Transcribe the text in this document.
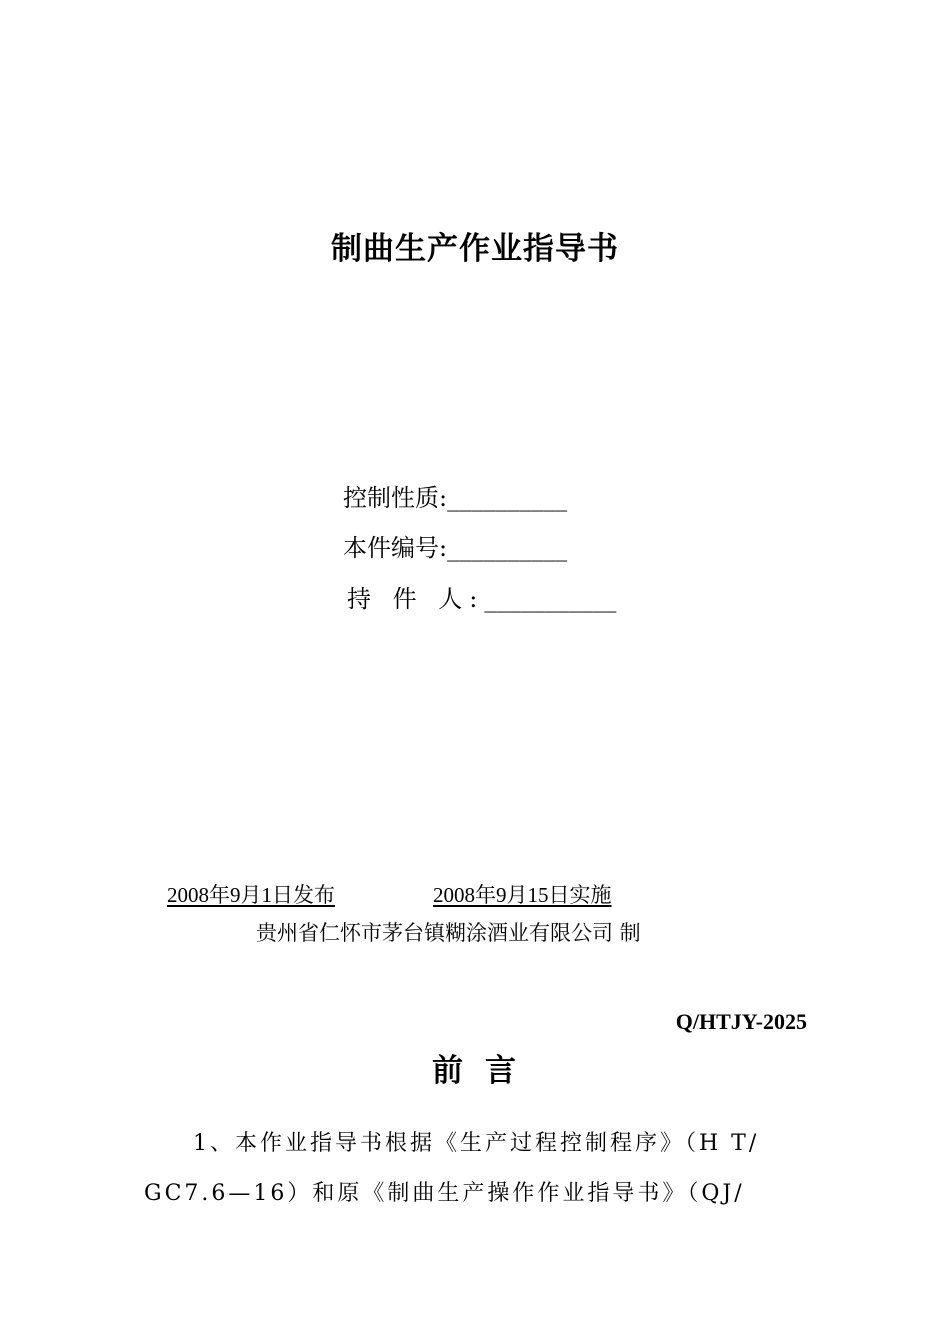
制曲生产作业指导书
控制性质:__________
本件编号:__________
持 件 人:___________
2008年9月1日发布	2008年9月15日实施
贵州省仁怀市茅台镇糊涂酒业有限公司 制
Q/HTJY-2025
前 言
1、本作业指导书根据《生产过程控制程序》（H T/
GC7.6—16）和原《制曲生产操作作业指导书》（QJ/
